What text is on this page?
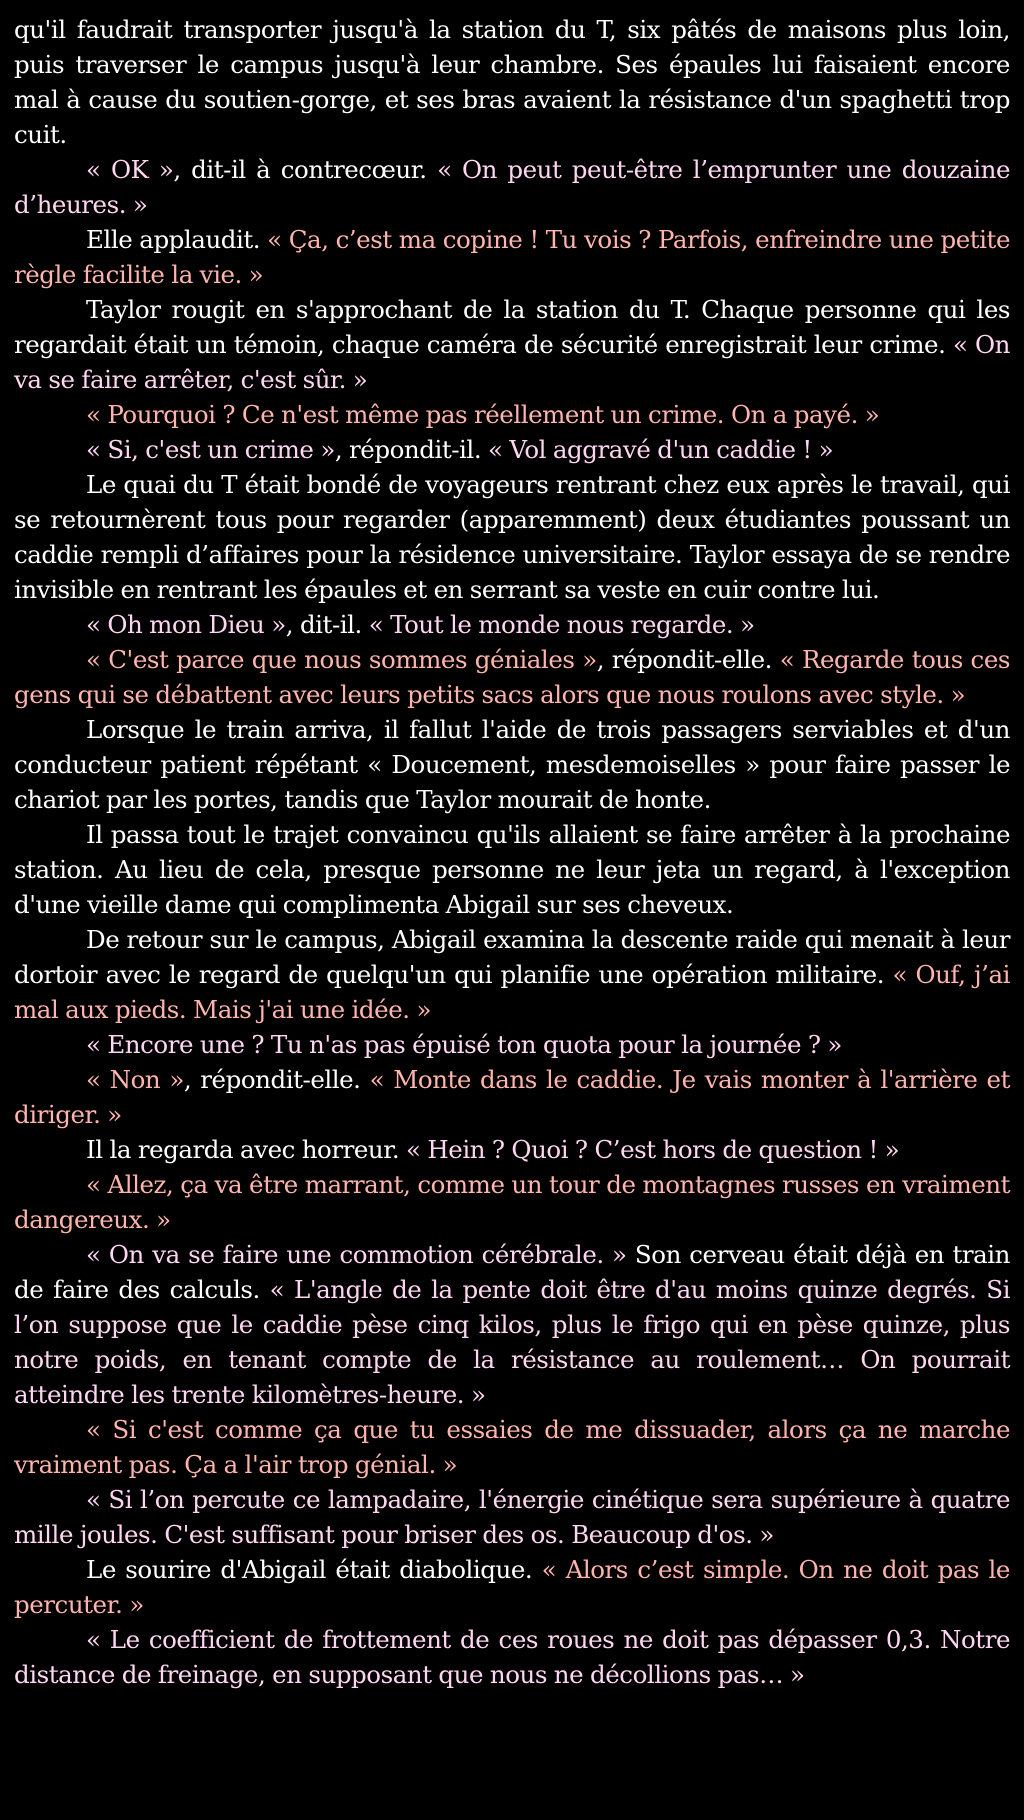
qu'il faudrait transporter jusqu'à la station du T, six pâtés de maisons plus loin, puis traverser le campus jusqu'à leur chambre. Ses épaules lui faisaient encore mal à cause du soutien-gorge, et ses bras avaient la résistance d'un spaghetti trop cuit.

« OK », dit-il à contrecœur. « On peut peut-être l’emprunter une douzaine d’heures. »

Elle applaudit. « Ça, c’est ma copine ! Tu vois ? Parfois, enfreindre une petite règle facilite la vie. »

Taylor rougit en s'approchant de la station du T. Chaque personne qui les regardait était un témoin, chaque caméra de sécurité enregistrait leur crime. « On va se faire arrêter, c'est sûr. »

« Pourquoi ? Ce n'est même pas réellement un crime. On a payé. »

« Si, c'est un crime », répondit-il. « Vol aggravé d'un caddie ! »

Le quai du T était bondé de voyageurs rentrant chez eux après le travail, qui se retournèrent tous pour regarder (apparemment) deux étudiantes poussant un caddie rempli d’affaires pour la résidence universitaire. Taylor essaya de se rendre invisible en rentrant les épaules et en serrant sa veste en cuir contre lui.

« Oh mon Dieu », dit-il. « Tout le monde nous regarde. »

« C'est parce que nous sommes géniales », répondit-elle. « Regarde tous ces gens qui se débattent avec leurs petits sacs alors que nous roulons avec style. »

Lorsque le train arriva, il fallut l'aide de trois passagers serviables et d'un conducteur patient répétant « Doucement, mesdemoiselles » pour faire passer le chariot par les portes, tandis que Taylor mourait de honte.

Il passa tout le trajet convaincu qu'ils allaient se faire arrêter à la prochaine station. Au lieu de cela, presque personne ne leur jeta un regard, à l'exception d'une vieille dame qui complimenta Abigail sur ses cheveux.

De retour sur le campus, Abigail examina la descente raide qui menait à leur dortoir avec le regard de quelqu'un qui planifie une opération militaire. « Ouf, j’ai mal aux pieds. Mais j'ai une idée. »

« Encore une ? Tu n'as pas épuisé ton quota pour la journée ? »

« Non », répondit-elle. « Monte dans le caddie. Je vais monter à l'arrière et diriger. »

Il la regarda avec horreur. « Hein ? Quoi ? C’est hors de question ! »

« Allez, ça va être marrant, comme un tour de montagnes russes en vraiment dangereux. »

« On va se faire une commotion cérébrale. » Son cerveau était déjà en train de faire des calculs. « L'angle de la pente doit être d'au moins quinze degrés. Si l’on suppose que le caddie pèse cinq kilos, plus le frigo qui en pèse quinze, plus notre poids, en tenant compte de la résistance au roulement… On pourrait atteindre les trente kilomètres-heure. »

« Si c'est comme ça que tu essaies de me dissuader, alors ça ne marche vraiment pas. Ça a l'air trop génial. »

« Si l’on percute ce lampadaire, l'énergie cinétique sera supérieure à quatre mille joules. C'est suffisant pour briser des os. Beaucoup d'os. »

Le sourire d'Abigail était diabolique. « Alors c’est simple. On ne doit pas le percuter. »

« Le coefficient de frottement de ces roues ne doit pas dépasser 0,3. Notre distance de freinage, en supposant que nous ne décollions pas… »
